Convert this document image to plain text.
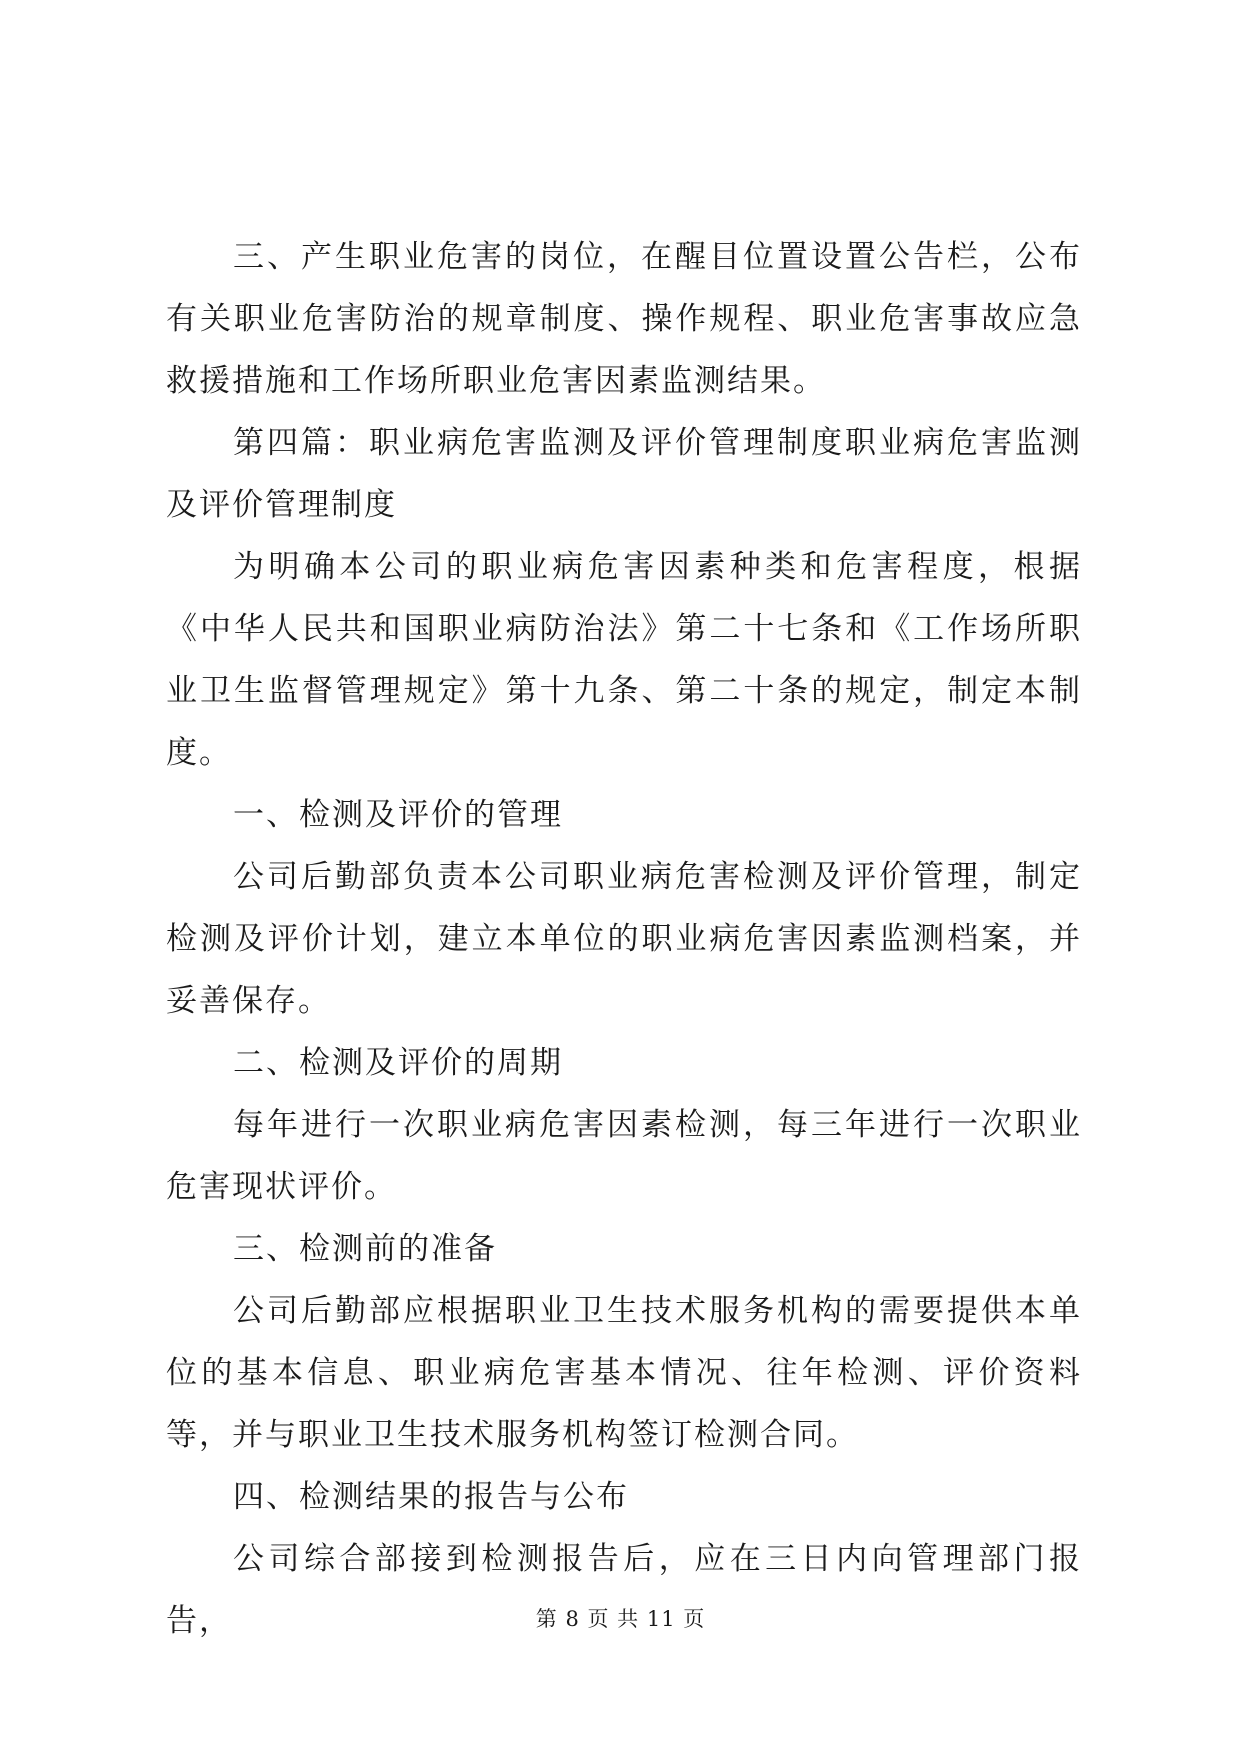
三、产生职业危害的岗位，在醒目位置设置公告栏，公布有关职业危害防治的规章制度、操作规程、职业危害事故应急救援措施和工作场所职业危害因素监测结果。

第四篇：职业病危害监测及评价管理制度职业病危害监测及评价管理制度

为明确本公司的职业病危害因素种类和危害程度，根据《中华人民共和国职业病防治法》第二十七条和《工作场所职业卫生监督管理规定》第十九条、第二十条的规定，制定本制度。

一、检测及评价的管理

公司后勤部负责本公司职业病危害检测及评价管理，制定检测及评价计划，建立本单位的职业病危害因素监测档案，并妥善保存。

二、检测及评价的周期

每年进行一次职业病危害因素检测，每三年进行一次职业危害现状评价。

三、检测前的准备

公司后勤部应根据职业卫生技术服务机构的需要提供本单位的基本信息、职业病危害基本情况、往年检测、评价资料等，并与职业卫生技术服务机构签订检测合同。

四、检测结果的报告与公布

公司综合部接到检测报告后，应在三日内向管理部门报告，	第 8 页 共 11 页
